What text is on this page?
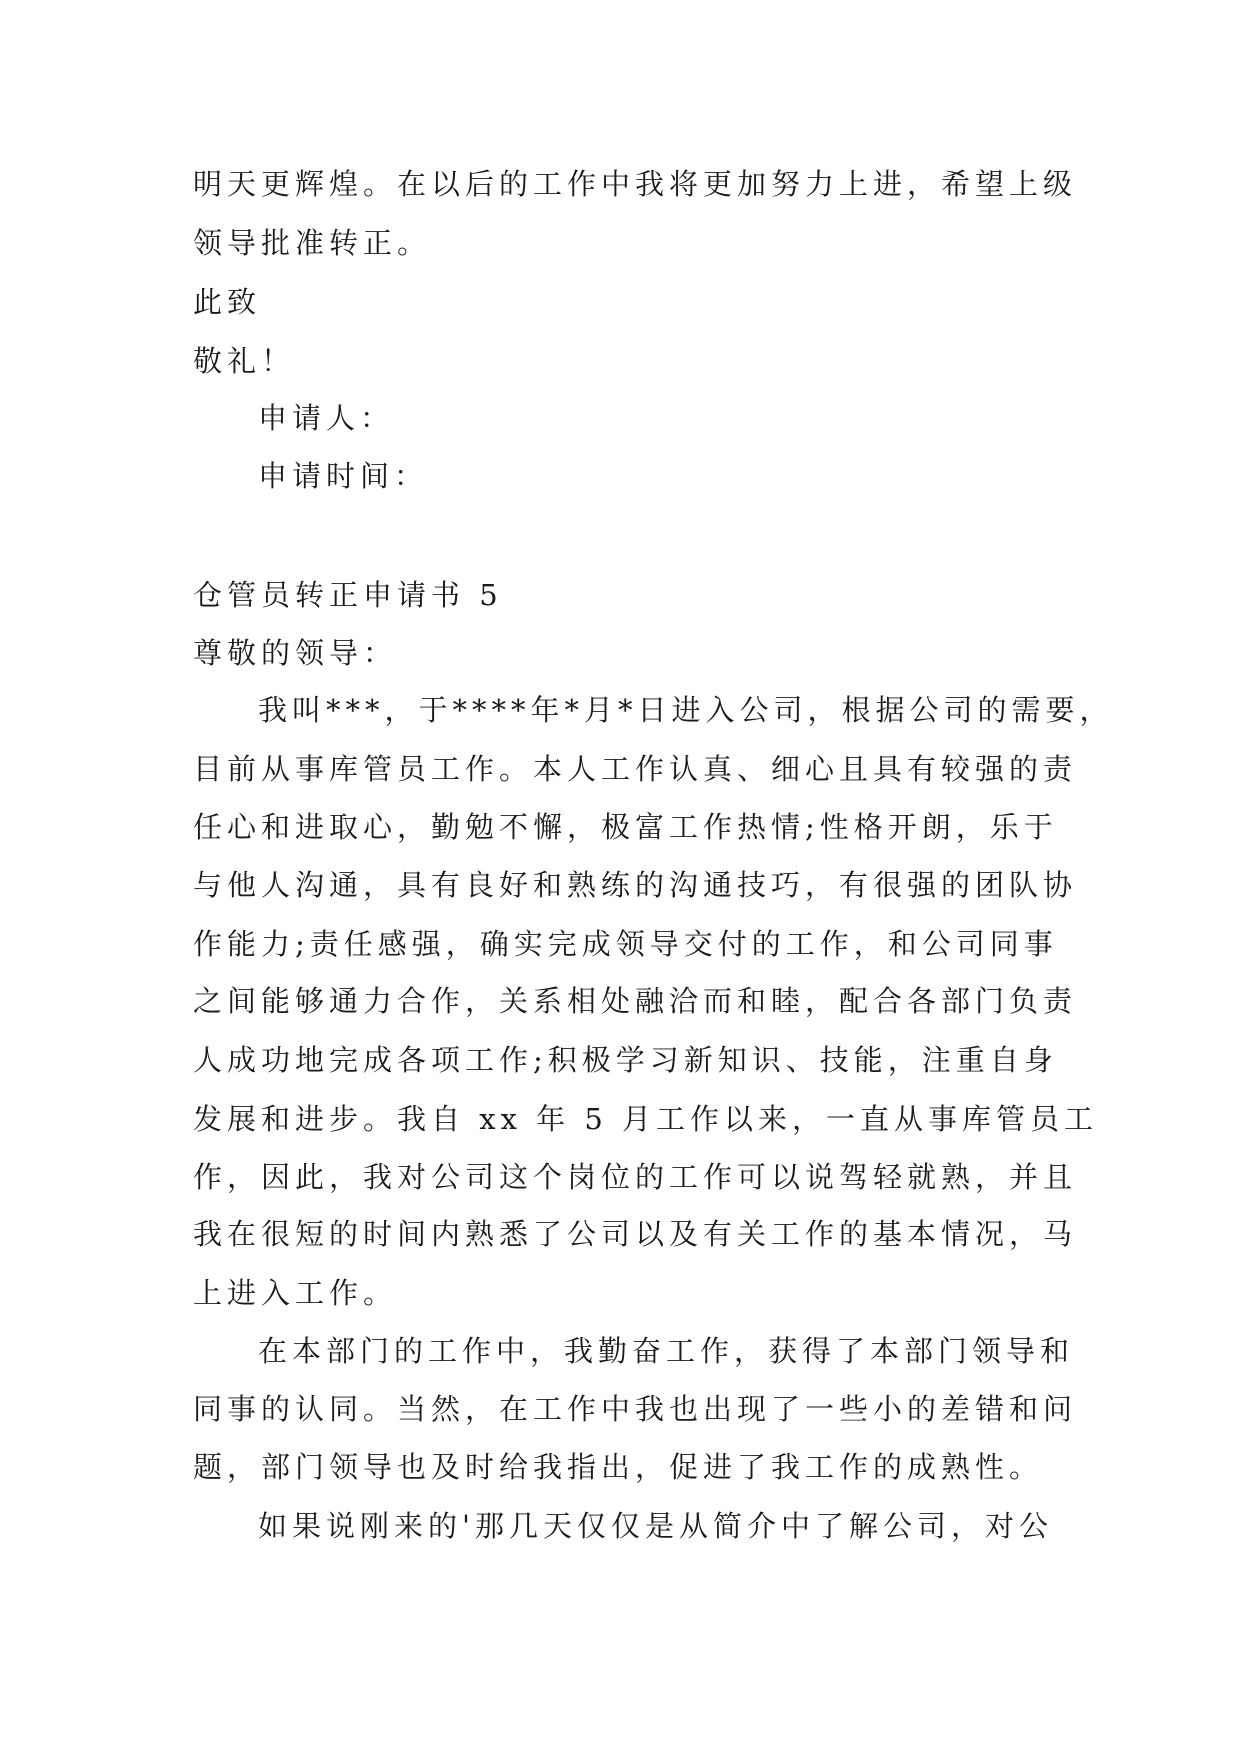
明天更辉煌。在以后的工作中我将更加努力上进，希望上级
领导批准转正。
此致
敬礼！
申请人：
申请时间：
仓管员转正申请书 5
尊敬的领导：
我叫***，于****年*月*日进入公司，根据公司的需要，
目前从事库管员工作。本人工作认真、细心且具有较强的责
任心和进取心，勤勉不懈，极富工作热情;性格开朗，乐于
与他人沟通，具有良好和熟练的沟通技巧，有很强的团队协
作能力;责任感强，确实完成领导交付的工作，和公司同事
之间能够通力合作，关系相处融洽而和睦，配合各部门负责
人成功地完成各项工作;积极学习新知识、技能，注重自身
发展和进步。我自 xx 年 5 月工作以来，一直从事库管员工
作，因此，我对公司这个岗位的工作可以说驾轻就熟，并且
我在很短的时间内熟悉了公司以及有关工作的基本情况，马
上进入工作。
在本部门的工作中，我勤奋工作，获得了本部门领导和
同事的认同。当然，在工作中我也出现了一些小的差错和问
题，部门领导也及时给我指出，促进了我工作的成熟性。
如果说刚来的'那几天仅仅是从简介中了解公司，对公
